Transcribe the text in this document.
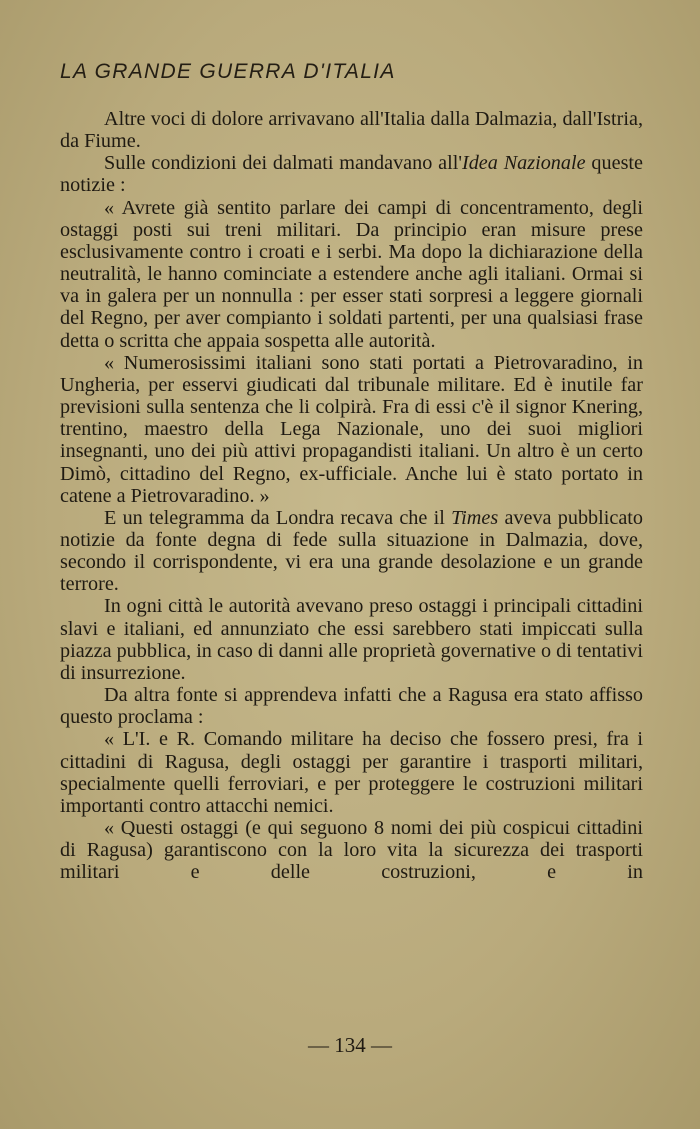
LA GRANDE GUERRA D'ITALIA

Altre voci di dolore arrivavano all'Italia dalla Dalmazia, dall'Istria, da Fiume.

Sulle condizioni dei dalmati mandavano all'Idea Nazionale queste notizie :

« Avrete già sentito parlare dei campi di concentramento, degli ostaggi posti sui treni militari. Da principio eran misure prese esclusivamente contro i croati e i serbi. Ma dopo la dichiarazione della neutralità, le hanno cominciate a estendere anche agli italiani. Ormai si va in galera per un nonnulla : per esser stati sorpresi a leggere giornali del Regno, per aver compianto i soldati partenti, per una qualsiasi frase detta o scritta che appaia sospetta alle autorità.

« Numerosissimi italiani sono stati portati a Pietrovaradino, in Ungheria, per esservi giudicati dal tribunale militare. Ed è inutile far previsioni sulla sentenza che li colpirà. Fra di essi c'è il signor Knering, trentino, maestro della Lega Nazionale, uno dei suoi migliori insegnanti, uno dei più attivi propagandisti italiani. Un altro è un certo Dimò, cittadino del Regno, ex-ufficiale. Anche lui è stato portato in catene a Pietrovaradino. »

E un telegramma da Londra recava che il Times aveva pubblicato notizie da fonte degna di fede sulla situazione in Dalmazia, dove, secondo il corrispondente, vi era una grande desolazione e un grande terrore.

In ogni città le autorità avevano preso ostaggi i principali cittadini slavi e italiani, ed annunziato che essi sarebbero stati impiccati sulla piazza pubblica, in caso di danni alle proprietà governative o di tentativi di insurrezione.

Da altra fonte si apprendeva infatti che a Ragusa era stato affisso questo proclama :

« L'I. e R. Comando militare ha deciso che fossero presi, fra i cittadini di Ragusa, degli ostaggi per garantire i trasporti militari, specialmente quelli ferroviari, e per proteggere le costruzioni militari importanti contro attacchi nemici.

« Questi ostaggi (e qui seguono 8 nomi dei più cospicui cittadini di Ragusa) garantiscono con la loro vita la sicurezza dei trasporti militari e delle costruzioni, e in

— 134 —
